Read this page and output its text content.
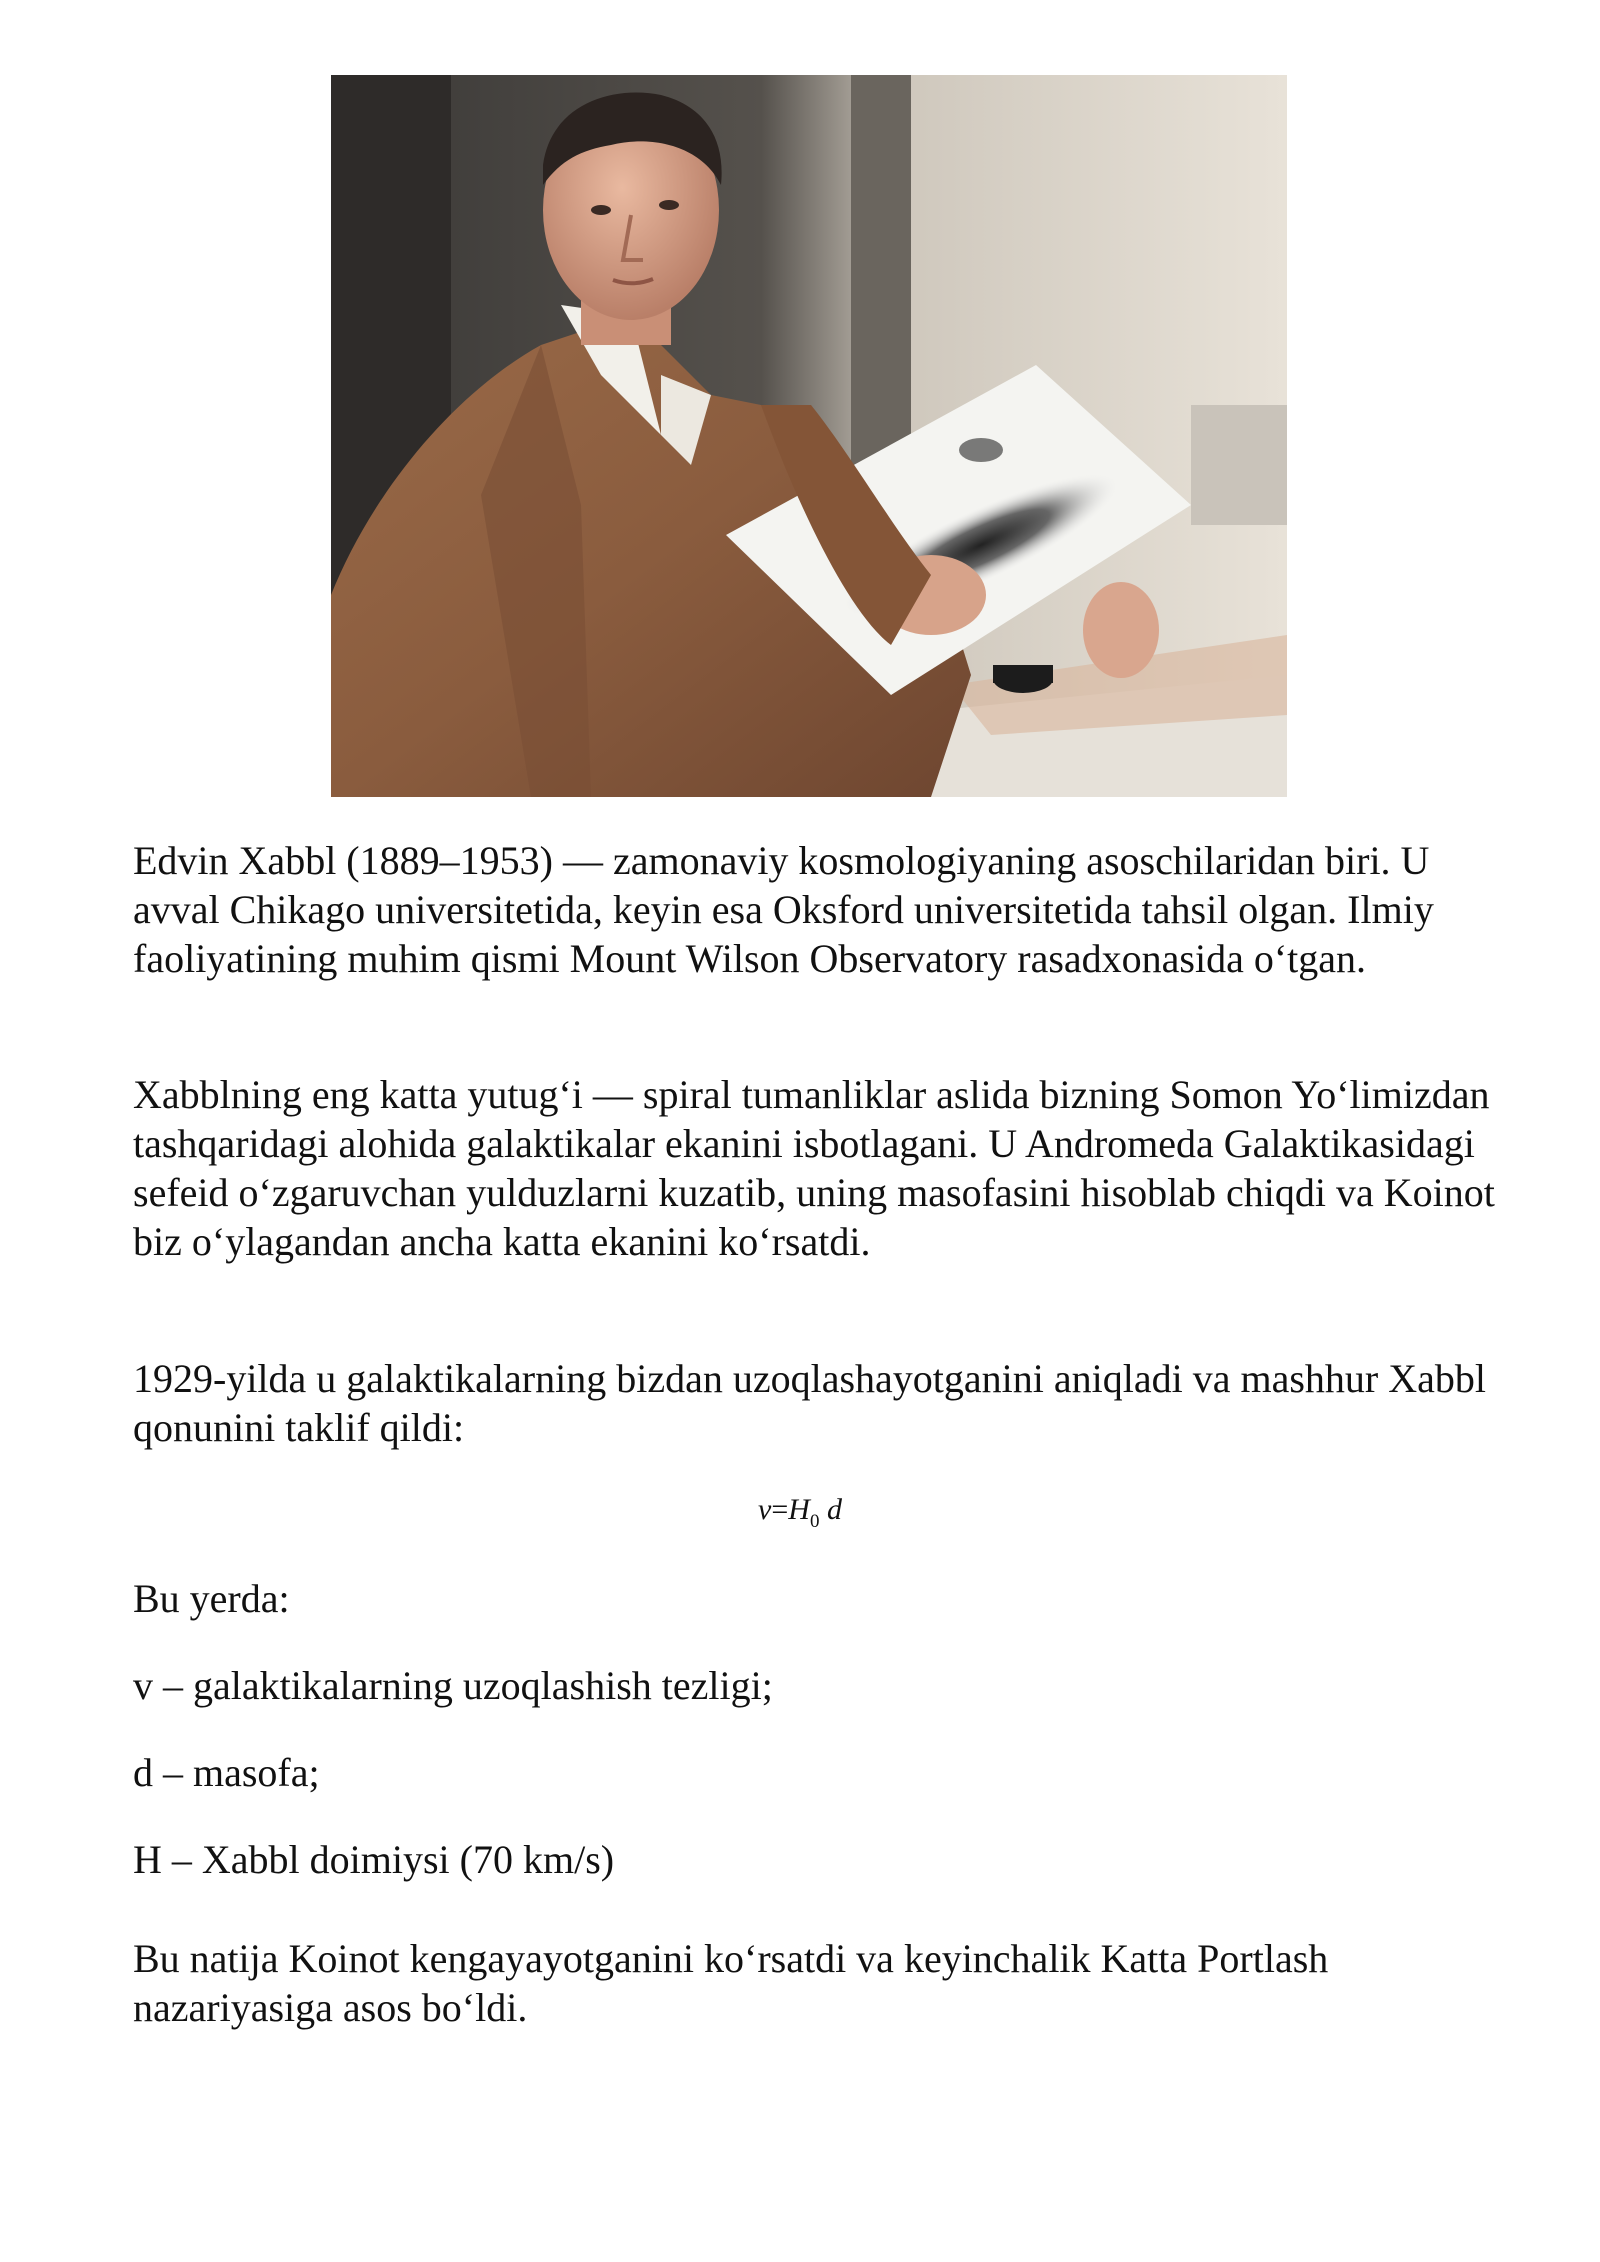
Edvin Xabbl (1889–1953) — zamonaviy kosmologiyaning asoschilaridan biri. U avval Chikago universitetida, keyin esa Oksford universitetida tahsil olgan. Ilmiy faoliyatining muhim qismi Mount Wilson Observatory rasadxonasida o‘tgan.

Xabblning eng katta yutug‘i — spiral tumanliklar aslida bizning Somon Yo‘limizdan tashqaridagi alohida galaktikalar ekanini isbotlagani. U Andromeda Galaktikasidagi sefeid o‘zgaruvchan yulduzlarni kuzatib, uning masofasini hisoblab chiqdi va Koinot biz o‘ylagandan ancha katta ekanini ko‘rsatdi.

1929-yilda u galaktikalarning bizdan uzoqlashayotganini aniqladi va mashhur Xabbl qonunini taklif qildi:

$v=H_0$ d

Bu yerda:

v – galaktikalarning uzoqlashish tezligi;

d – masofa;

H – Xabbl doimiysi (70 km/s)

Bu natija Koinot kengayayotganini ko‘rsatdi va keyinchalik Katta Portlash nazariyasiga asos bo‘ldi.
